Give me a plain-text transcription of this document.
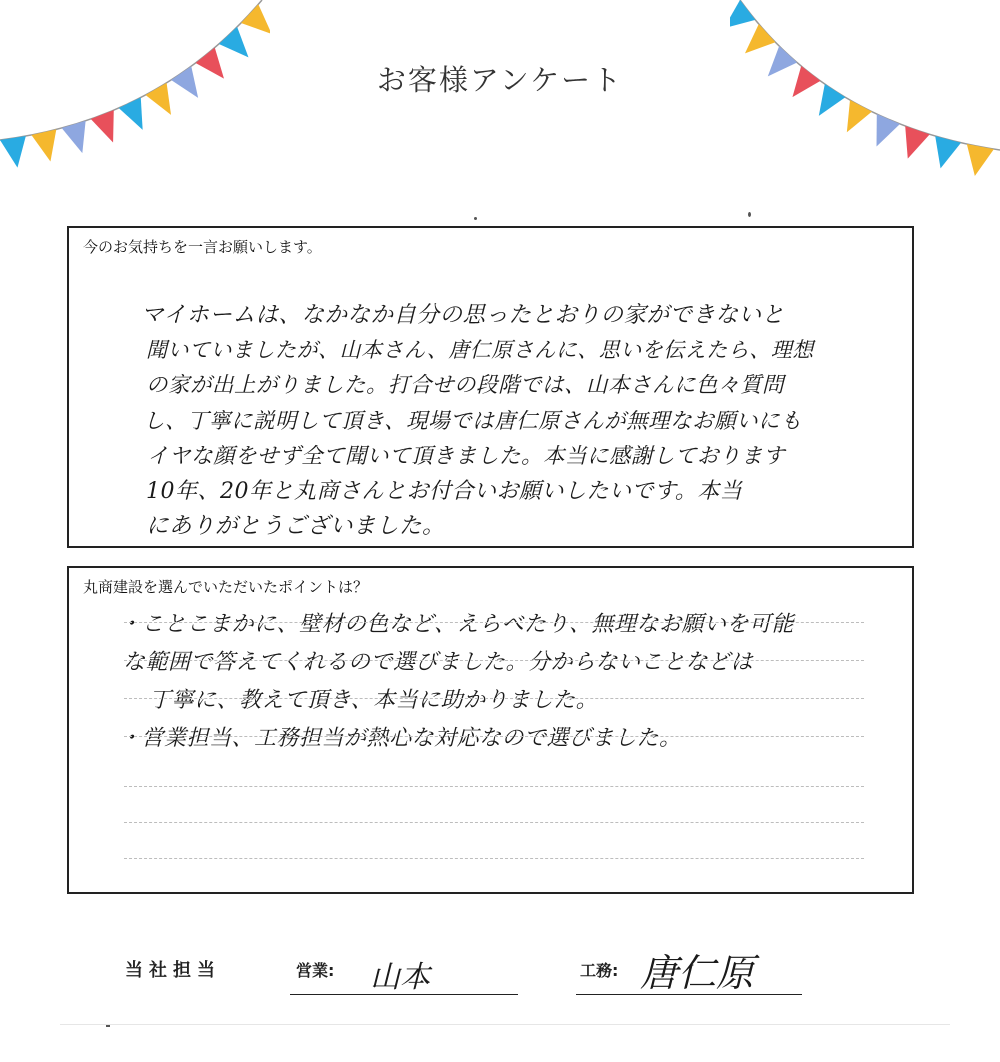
お客様アンケート
今のお気持ちを一言お願いします。
マイホームは、なかなか自分の思ったとおりの家ができないと
聞いていましたが、山本さん、唐仁原さんに、思いを伝えたら、理想
の家が出上がりました。打合せの段階では、山本さんに色々質問
し、丁寧に説明して頂き、現場では唐仁原さんが無理なお願いにも
イヤな顔をせず全て聞いて頂きました。本当に感謝しております
10年、20年と丸商さんとお付合いお願いしたいです。本当
にありがとうございました。
丸商建設を選んでいただいたポイントは？
・ことこまかに、壁材の色など、えらべたり、無理なお願いを可能
な範囲で答えてくれるので選びました。分からないことなどは
丁寧に、教えて頂き、本当に助かりました。
・営業担当、工務担当が熱心な対応なので選びました。
当社担当	営業: 山本	工務: 唐仁原
